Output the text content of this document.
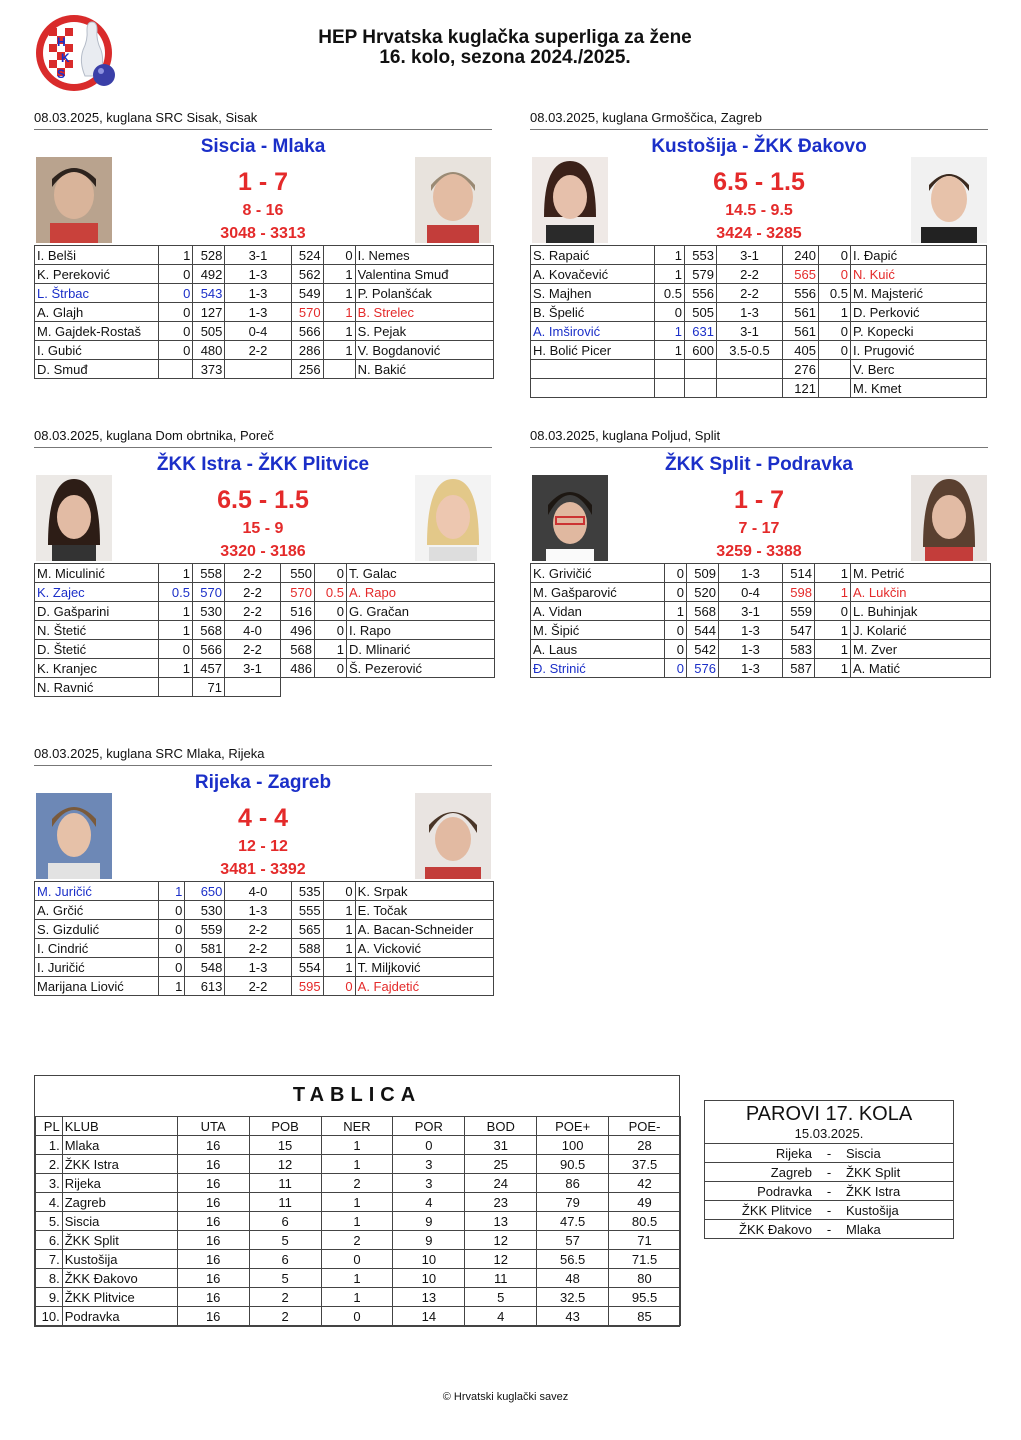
H
K
S
HEP Hrvatska kuglačka superliga za žene
16. kolo, sezona 2024./2025.
08.03.2025, kuglana SRC Sisak, Sisak
Siscia - Mlaka
1 - 7
8 - 16
3048 - 3313
I. Belši	1	528	3-1	524	0	I. Nemes
K. Pereković	0	492	1-3	562	1	Valentina Smuđ
L. Štrbac	0	543	1-3	549	1	P. Polanšćak
A. Glajh	0	127	1-3	570	1	B. Strelec
M. Gajdek-Rostaš	0	505	0-4	566	1	S. Pejak
I. Gubić	0	480	2-2	286	1	V. Bogdanović
D. Smuđ		373		256		N. Bakić
08.03.2025, kuglana Grmoščica, Zagreb
Kustošija - ŽKK Đakovo
6.5 - 1.5
14.5 - 9.5
3424 - 3285
S. Rapaić	1	553	3-1	240	0	I. Đapić
A. Kovačević	1	579	2-2	565	0	N. Kuić
S. Majhen	0.5	556	2-2	556	0.5	M. Majsterić
B. Špelić	0	505	1-3	561	1	D. Perković
A. Imširović	1	631	3-1	561	0	P. Kopecki
H. Bolić Picer	1	600	3.5-0.5	405	0	I. Prugović
				276		V. Berc
				121		M. Kmet
08.03.2025, kuglana Dom obrtnika, Poreč
ŽKK Istra - ŽKK Plitvice
6.5 - 1.5
15 - 9
3320 - 3186
M. Miculinić	1	558	2-2	550	0	T. Galac
K. Zajec	0.5	570	2-2	570	0.5	A. Rapo
D. Gašparini	1	530	2-2	516	0	G. Gračan
N. Štetić	1	568	4-0	496	0	I. Rapo
D. Štetić	0	566	2-2	568	1	D. Mlinarić
K. Kranjec	1	457	3-1	486	0	Š. Pezerović
N. Ravnić		71				
08.03.2025, kuglana Poljud, Split
ŽKK Split - Podravka
1 - 7
7 - 17
3259 - 3388
K. Grivičić	0	509	1-3	514	1	M. Petrić
M. Gašparović	0	520	0-4	598	1	A. Lukčin
A. Vidan	1	568	3-1	559	0	L. Buhinjak
M. Šipić	0	544	1-3	547	1	J. Kolarić
A. Laus	0	542	1-3	583	1	M. Zver
Đ. Strinić	0	576	1-3	587	1	A. Matić
08.03.2025, kuglana SRC Mlaka, Rijeka
Rijeka - Zagreb
4 - 4
12 - 12
3481 - 3392
M. Juričić	1	650	4-0	535	0	K. Srpak
A. Grčić	0	530	1-3	555	1	E. Točak
S. Gizdulić	0	559	2-2	565	1	A. Bacan-Schneider
I. Cindrić	0	581	2-2	588	1	A. Vicković
I. Juričić	0	548	1-3	554	1	T. Miljković
Marijana Liović	1	613	2-2	595	0	A. Fajdetić
TABLICA
PL	KLUB	UTA	POB	NER	POR	BOD	POE+	POE-
1.	Mlaka	16	15	1	0	31	100	28
2.	ŽKK Istra	16	12	1	3	25	90.5	37.5
3.	Rijeka	16	11	2	3	24	86	42
4.	Zagreb	16	11	1	4	23	79	49
5.	Siscia	16	6	1	9	13	47.5	80.5
6.	ŽKK Split	16	5	2	9	12	57	71
7.	Kustošija	16	6	0	10	12	56.5	71.5
8.	ŽKK Đakovo	16	5	1	10	11	48	80
9.	ŽKK Plitvice	16	2	1	13	5	32.5	95.5
10.	Podravka	16	2	0	14	4	43	85
PAROVI 17. KOLA
15.03.2025.
Rijeka	-	Siscia
Zagreb	-	ŽKK Split
Podravka	-	ŽKK Istra
ŽKK Plitvice	-	Kustošija
ŽKK Đakovo	-	Mlaka
© Hrvatski kuglački savez
